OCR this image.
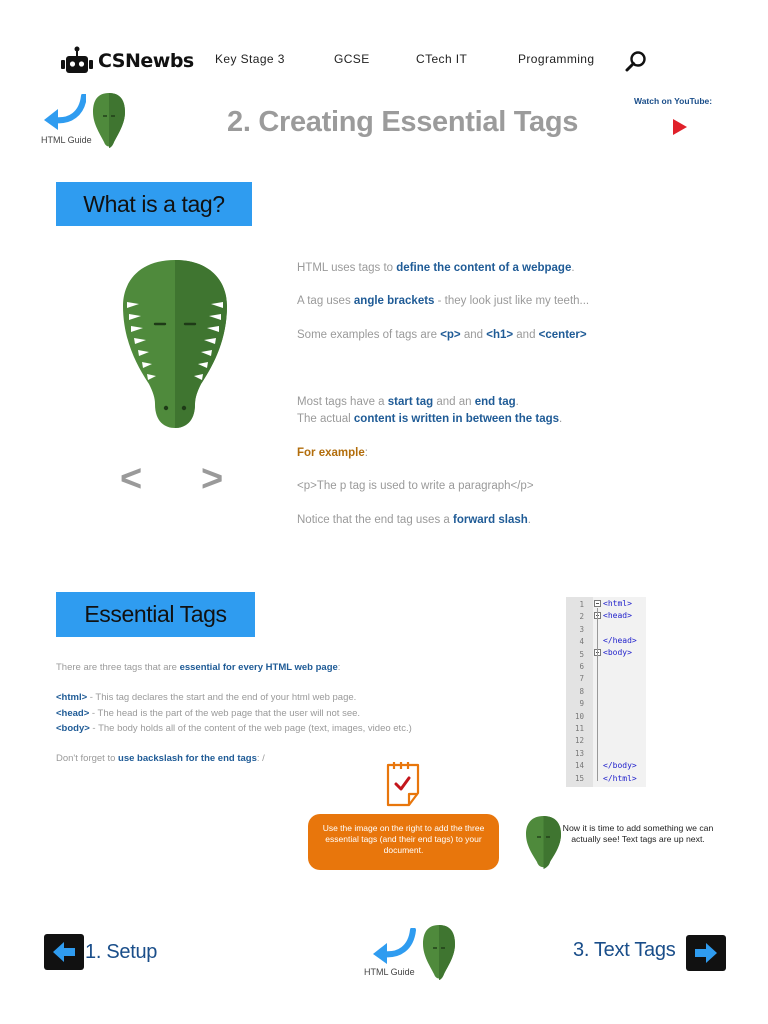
CSNewbs Key Stage 3	GCSE	CTech IT	Programming
HTML Guide
2. Creating Essential Tags
Watch on YouTube:
What is a tag?
< >

HTML uses tags to define the content of a webpage.

A tag uses angle brackets - they look just like my teeth...

Some examples of tags are <p> and <h1> and <center>

Most tags have a start tag and an end tag.

The actual content is written in between the tags.

For example:

<p>The p tag is used to write a paragraph</p>

Notice that the end tag uses a forward slash.

Essential Tags

There are three tags that are essential for every HTML web page:

<html> - This tag declares the start and the end of your html web page.

<head> - The head is the part of the web page that the user will not see.

<body> - The body holds all of the content of the web page (text, images, video etc.)

Don't forget to use backslash for the end tags: /

1
2
3
4
5
6
7
8
9
10
11
12
13
14
15
<html>
<head>
</head>
<body>
</body>
</html>
Use the image on the right to add the three essential tags (and their end tags) to your document.
Now it is time to add something we can actually see! Text tags are up next.
1. Setup
HTML Guide
3. Text Tags
